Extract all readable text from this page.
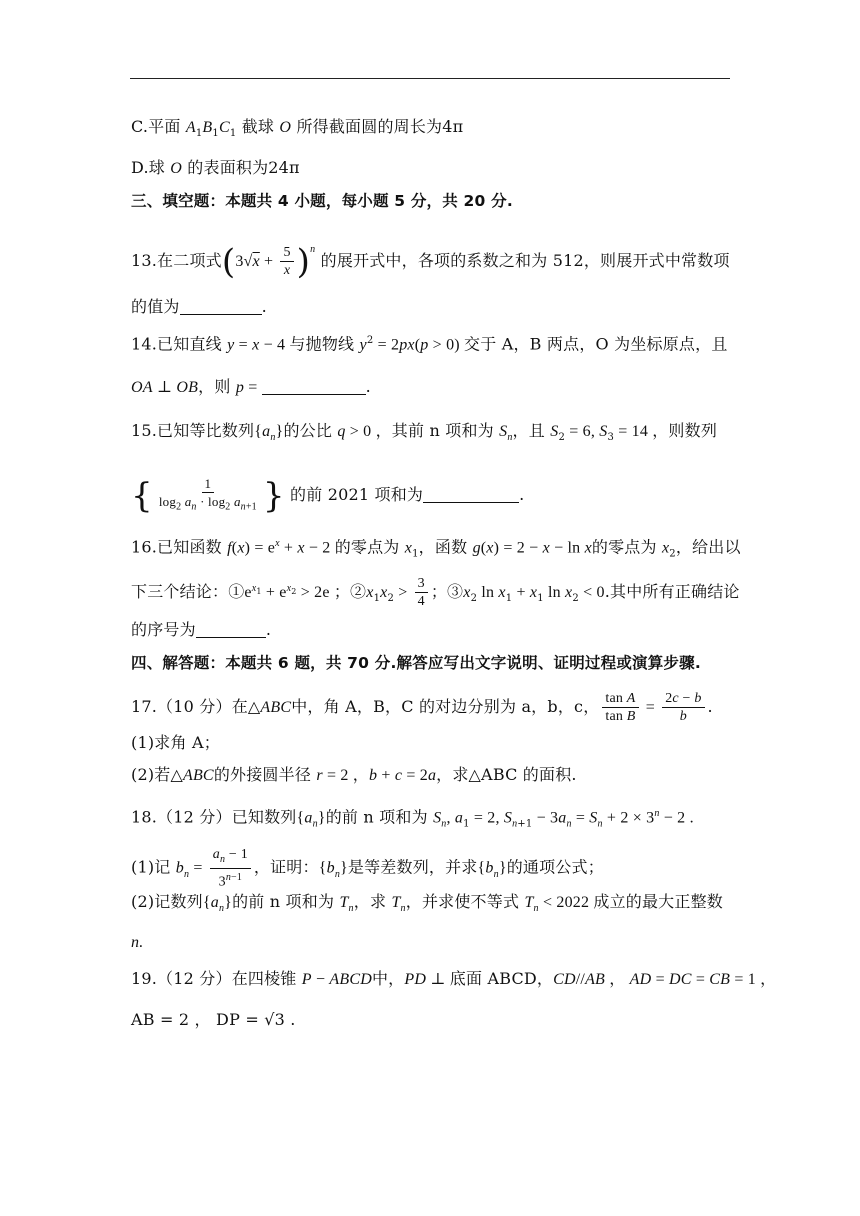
C.平面 $A_1B_1C_1$ 截球 O 所得截面圆的周长为4π
D.球 O 的表面积为24π
三、填空题：本题共 4 小题，每小题 5 分，共 20 分.
13.在二项式$(3√x + \frac{5}{x} )^n$ 的展开式中，各项的系数之和为 512，则展开式中常数项
的值为	.
14.已知直线 y = x − 4 与抛物线 $y^2 = 2px(p > 0)$ 交于 A，B 两点，O 为坐标原点，且
OA ⊥ OB，则 p =	.
15.已知等比数列$\{a_n\}$的公比 q > 0 ，其前 n 项和为 $S_n$，且 $S_2 = 6$, $S_3 = 14$ ，则数列
{ $\frac{1}{\log_2 a_n \cdot \log_2 a_{n+1}}$ } 的前 2021 项和为	.
16.已知函数 $f(x) = e^x + x - 2$ 的零点为 $x_1$，函数 g(x) = 2 − x − ln x的零点为 $x_2$，给出以
下三个结论：$①e^{x_1} + e^{x_2} > 2e$ ；$②x_1x_2 > \frac{3}{4}$ ；$③x_2$ $\ln x_1 + x_1$ $\ln x_2 < 0$.其中所有正确结论
的序号为	.
四、解答题：本题共 6 题，共 70 分.解答应写出文字说明、证明过程或演算步骤.
17.（10 分）在△ABC中，角 A，B，C 的对边分别为 a，b，c， $\frac{\text{tan A}}{\text{tan B}} = \frac{2c - b}{b}$ .
(1)求角 A；
(2)若△ABC的外接圆半径 r = 2 ，b + c = 2a，求△ABC 的面积.
18.（12 分）已知数列$\{a_n\}$的前 n 项和为 $S_n$, $a_1 = 2$, $S_{n+1} - 3a_n = S_n + 2 \times 3^n - 2$ .
(1)记 $b_n = \frac{a_n - 1}{3^{n-1}}$ ，证明：$\{b_n\}$是等差数列，并求$\{b_n\}$的通项公式；
(2)记数列$\{a_n\}$的前 n 项和为 $T_n$，求 $T_n$，并求使不等式 $T_n < 2022$ 成立的最大正整数
n.
19.（12 分）在四棱锥 P − ABCD中，PD ⊥ 底面 ABCD，CD//AB ， AD = DC = CB = 1 ，
AB = 2 ， DP = √3 .
